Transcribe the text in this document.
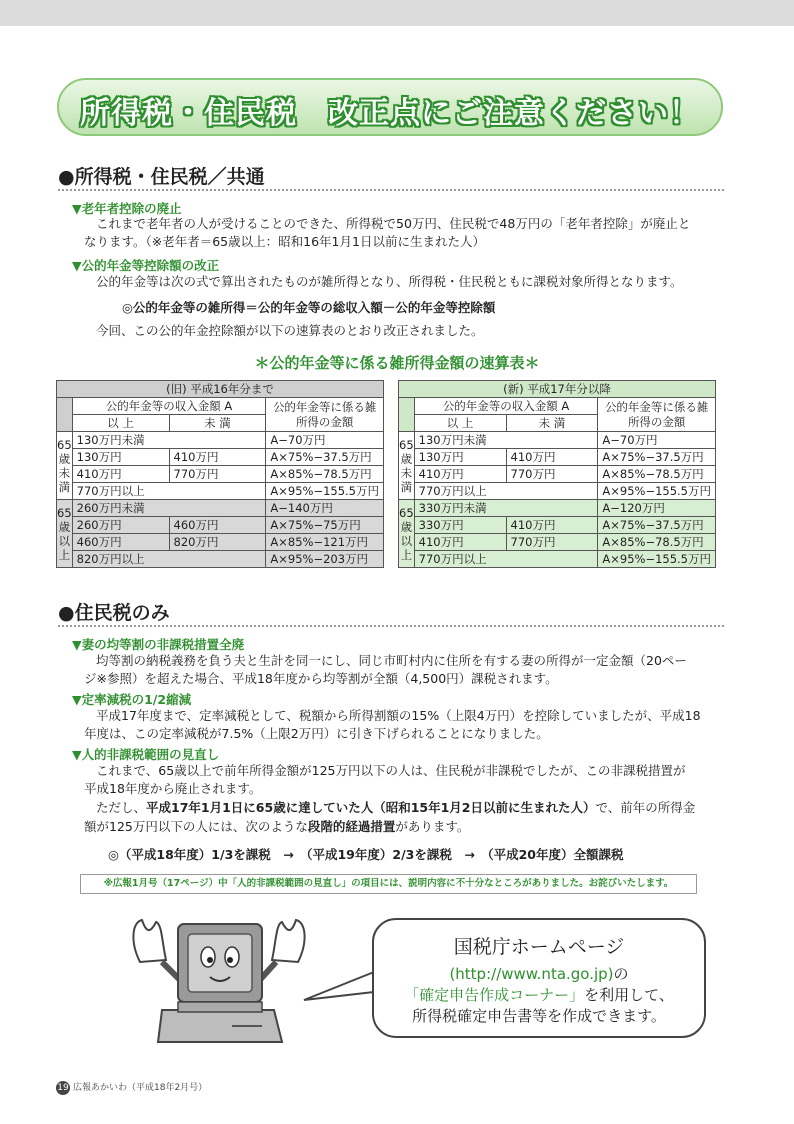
所得税・住民税　改正点にご注意ください！
●所得税・住民税／共通
▼老年者控除の廃止
これまで老年者の人が受けることのできた、所得税で50万円、住民税で48万円の「老年者控除」が廃止と
なります。（※老年者＝65歳以上：昭和16年1月1日以前に生まれた人）
▼公的年金等控除額の改正
公的年金等は次の式で算出されたものが雑所得となり、所得税・住民税ともに課税対象所得となります。
◎公的年金等の雑所得＝公的年金等の総収入額－公的年金等控除額
今回、この公的年金控除額が以下の速算表のとおり改正されました。
＊公的年金等に係る雑所得金額の速算表＊
(旧) 平成16年分まで			
	公的年金等の収入金額 A		公的年金等に係る雑所得の金額
	以 上	未 満	
65歳未満	130万円未満		A−70万円
	130万円	410万円	A×75%−37.5万円
	410万円	770万円	A×85%−78.5万円
	770万円以上		A×95%−155.5万円
65歳以上	260万円未満		A−140万円
	260万円	460万円	A×75%−75万円
	460万円	820万円	A×85%−121万円
	820万円以上		A×95%−203万円
(新) 平成17年分以降			
	公的年金等の収入金額 A		公的年金等に係る雑所得の金額
	以 上	未 満	
65歳未満	130万円未満		A−70万円
	130万円	410万円	A×75%−37.5万円
	410万円	770万円	A×85%−78.5万円
	770万円以上		A×95%−155.5万円
65歳以上	330万円未満		A−120万円
	330万円	410万円	A×75%−37.5万円
	410万円	770万円	A×85%−78.5万円
	770万円以上		A×95%−155.5万円
●住民税のみ
▼妻の均等割の非課税措置全廃
均等割の納税義務を負う夫と生計を同一にし、同じ市町村内に住所を有する妻の所得が一定金額（20ペー
ジ※参照）を超えた場合、平成18年度から均等割が全額（4,500円）課税されます。
▼定率減税の1/2縮減
平成17年度まで、定率減税として、税額から所得割額の15%（上限4万円）を控除していましたが、平成18
年度は、この定率減税が7.5%（上限2万円）に引き下げられることになりました。
▼人的非課税範囲の見直し
これまで、65歳以上で前年所得金額が125万円以下の人は、住民税が非課税でしたが、この非課税措置が
平成18年度から廃止されます。
ただし、平成17年1月1日に65歳に達していた人（昭和15年1月2日以前に生まれた人）で、前年の所得金
額が125万円以下の人には、次のような段階的経過措置があります。
◎（平成18年度）1/3を課税　→　（平成19年度）2/3を課税　→　（平成20年度）全額課税
※広報1月号（17ページ）中「人的非課税範囲の見直し」の項目には、説明内容に不十分なところがありました。お詫びいたします。
国税庁ホームページ
(http://www.nta.go.jp)の
「確定申告作成コーナー」を利用して、
所得税確定申告書等を作成できます。
19 広報あかいわ（平成18年2月号）
